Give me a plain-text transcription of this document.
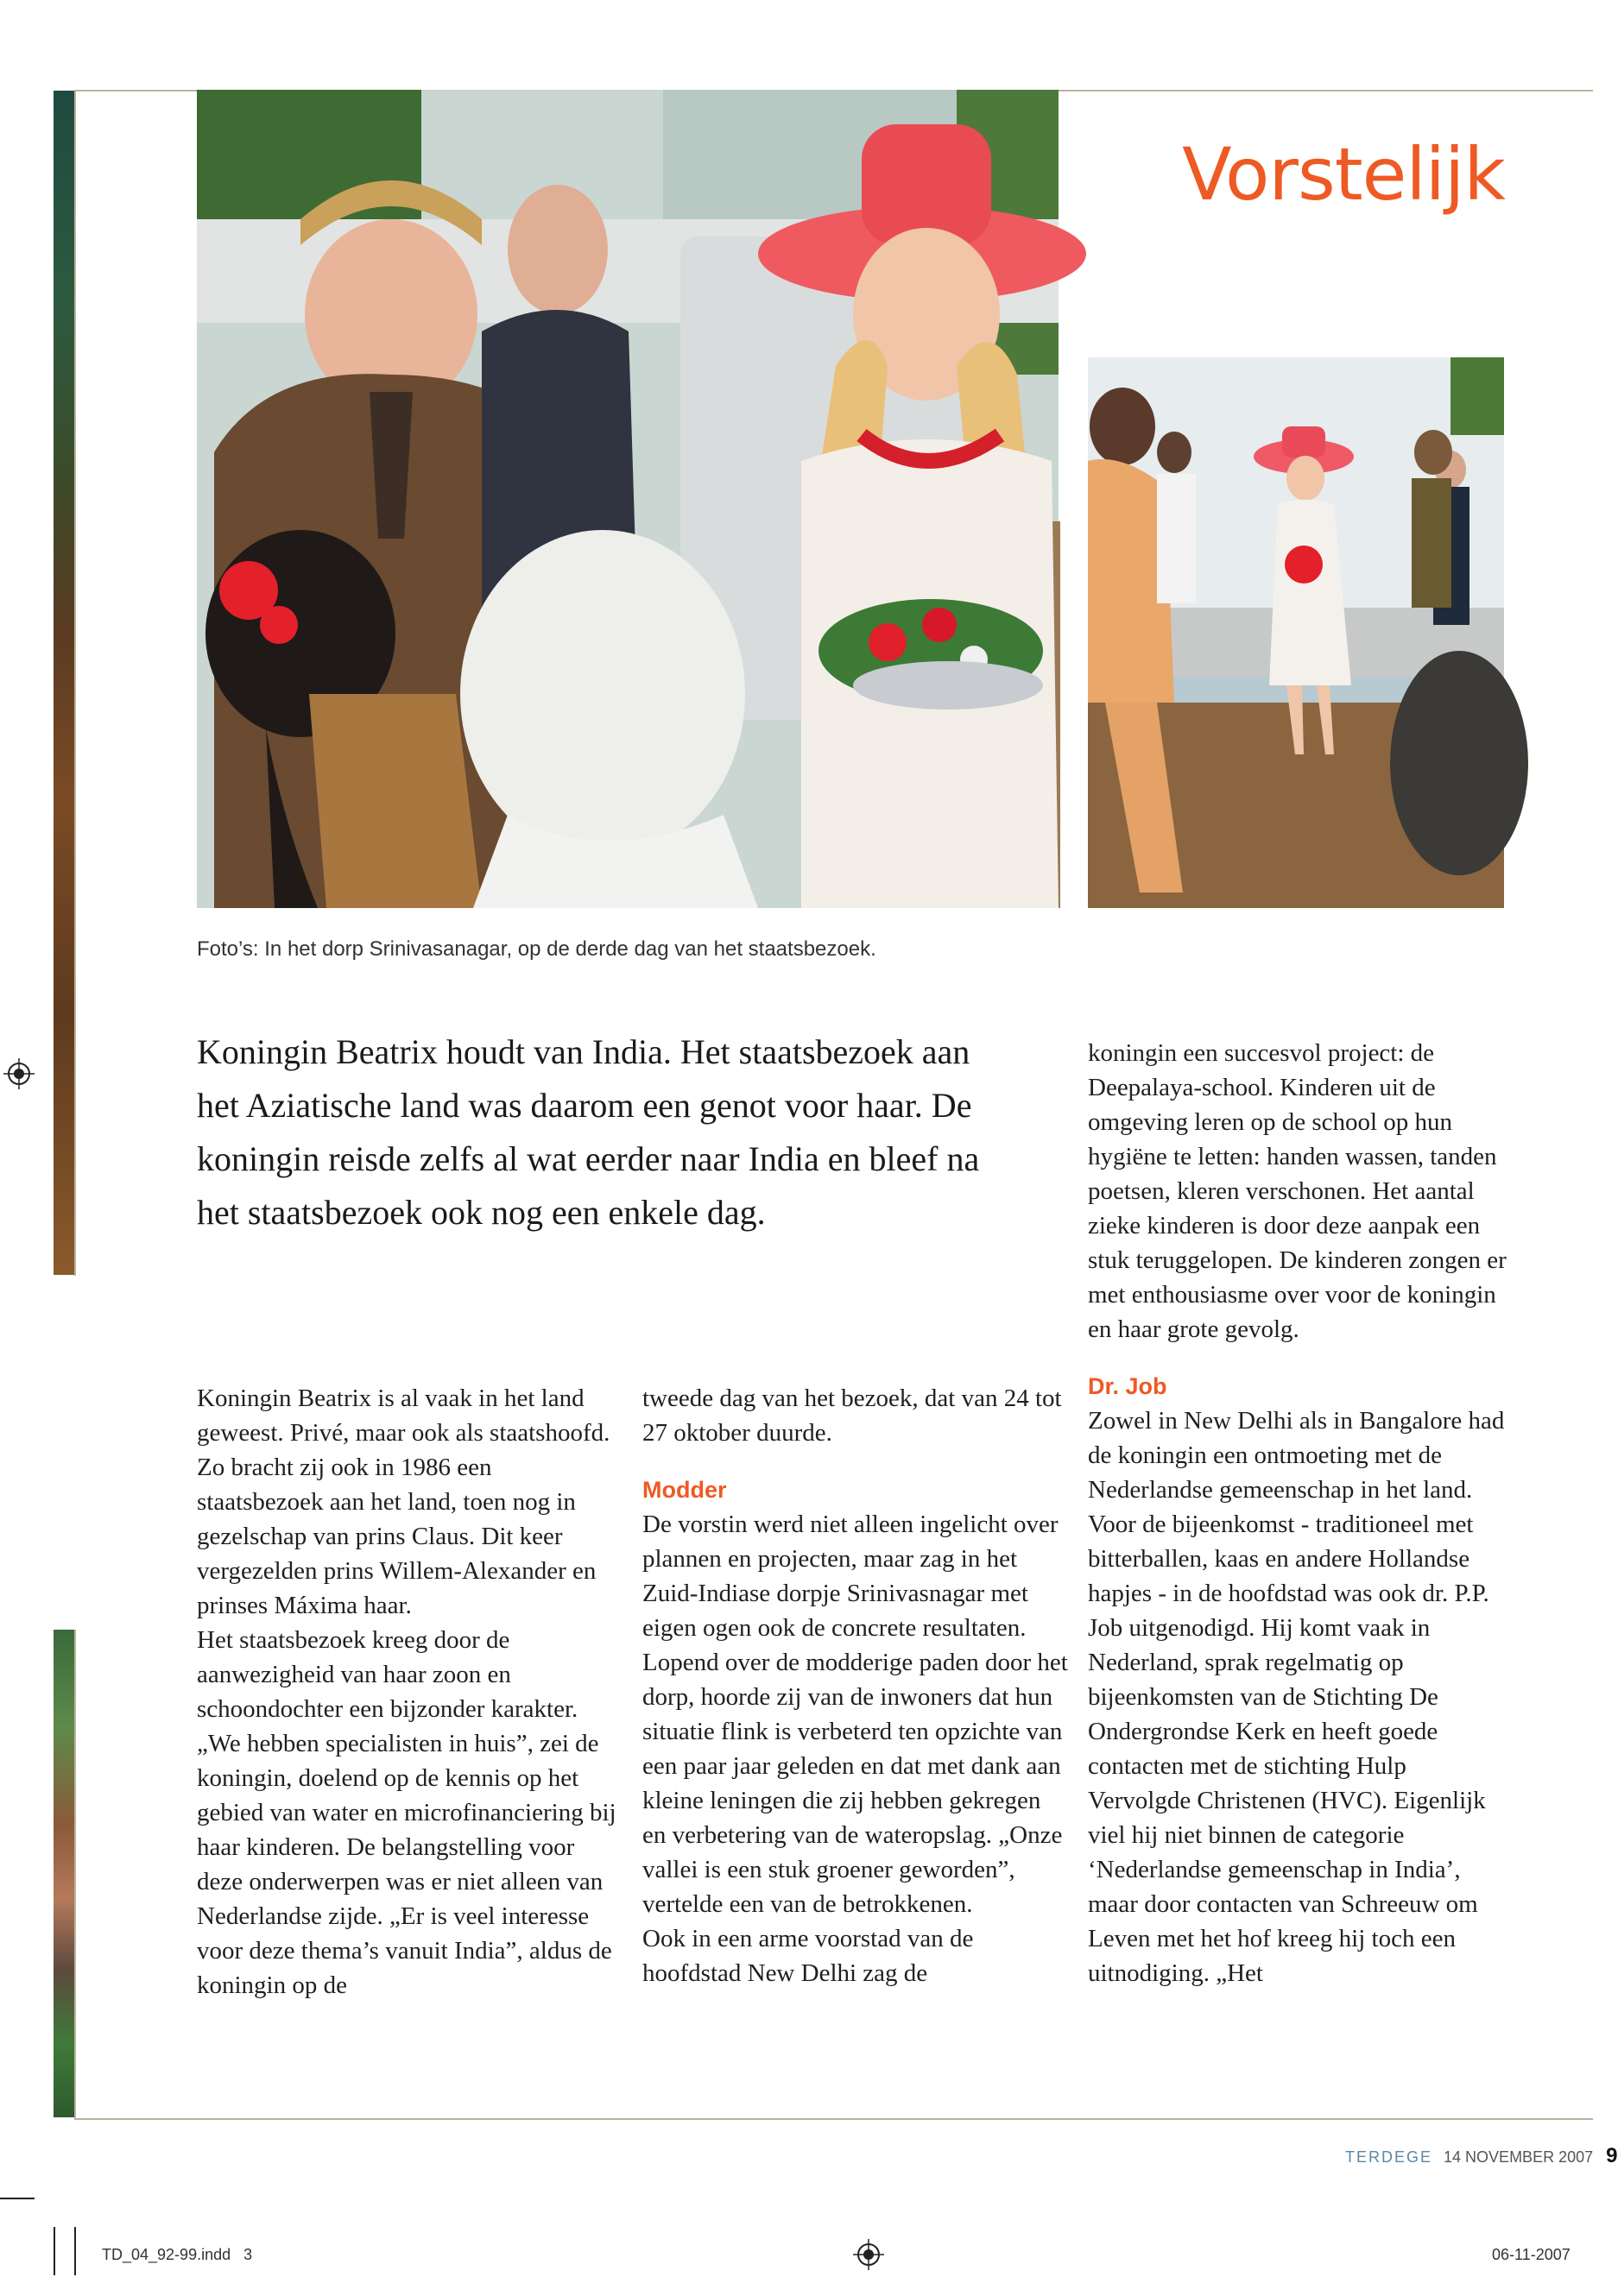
Vorstelijk
Foto’s: In het dorp Srinivasanagar, op de derde dag van het staatsbezoek.
Koningin Beatrix houdt van India. Het staatsbezoek aan het Aziatische land was daarom een genot voor haar. De koningin reisde zelfs al wat eerder naar India en bleef na het staatsbezoek ook nog een enkele dag.

Koningin Beatrix is al vaak in het land geweest. Privé, maar ook als staatshoofd. Zo bracht zij ook in 1986 een staatsbezoek aan het land, toen nog in gezelschap van prins Claus. Dit keer vergezelden prins Willem-Alexander en prinses Máxima haar.

Het staatsbezoek kreeg door de aanwezigheid van haar zoon en schoondochter een bijzonder karakter. „We hebben specialisten in huis”, zei de koningin, doelend op de kennis op het gebied van water en microfinanciering bij haar kinderen. De belangstelling voor deze onderwerpen was er niet alleen van Nederlandse zijde. „Er is veel interesse voor deze thema’s vanuit India”, aldus de koningin op de

tweede dag van het bezoek, dat van 24 tot 27 oktober duurde.

Modder

De vorstin werd niet alleen ingelicht over plannen en projecten, maar zag in het Zuid-Indiase dorpje Srinivasnagar met eigen ogen ook de concrete resultaten. Lopend over de modderige paden door het dorp, hoorde zij van de inwoners dat hun situatie flink is verbeterd ten opzichte van een paar jaar geleden en dat met dank aan kleine leningen die zij hebben gekregen en verbetering van de wateropslag. „Onze vallei is een stuk groener geworden”, vertelde een van de betrokkenen.

Ook in een arme voorstad van de hoofdstad New Delhi zag de

koningin een succesvol project: de Deepalaya-school. Kinderen uit de omgeving leren op de school op hun hygiëne te letten: handen wassen, tanden poetsen, kleren verschonen. Het aantal zieke kinderen is door deze aanpak een stuk teruggelopen. De kinderen zongen er met enthousiasme over voor de koningin en haar grote gevolg.

Dr. Job

Zowel in New Delhi als in Bangalore had de koningin een ontmoeting met de Nederlandse gemeenschap in het land. Voor de bijeenkomst - traditioneel met bitterballen, kaas en andere Hollandse hapjes - in de hoofdstad was ook dr. P.P. Job uitgenodigd. Hij komt vaak in Nederland, sprak regelmatig op bijeenkomsten van de Stichting De Ondergrondse Kerk en heeft goede contacten met de stichting Hulp Vervolgde Christenen (HVC). Eigenlijk viel hij niet binnen de categorie ‘Nederlandse gemeenschap in India’, maar door contacten van Schreeuw om Leven met het hof kreeg hij toch een uitnodiging. „Het

TERDEGE 14 NOVEMBER 2007 9
TD_04_92-99.indd   3	06-11-2007
